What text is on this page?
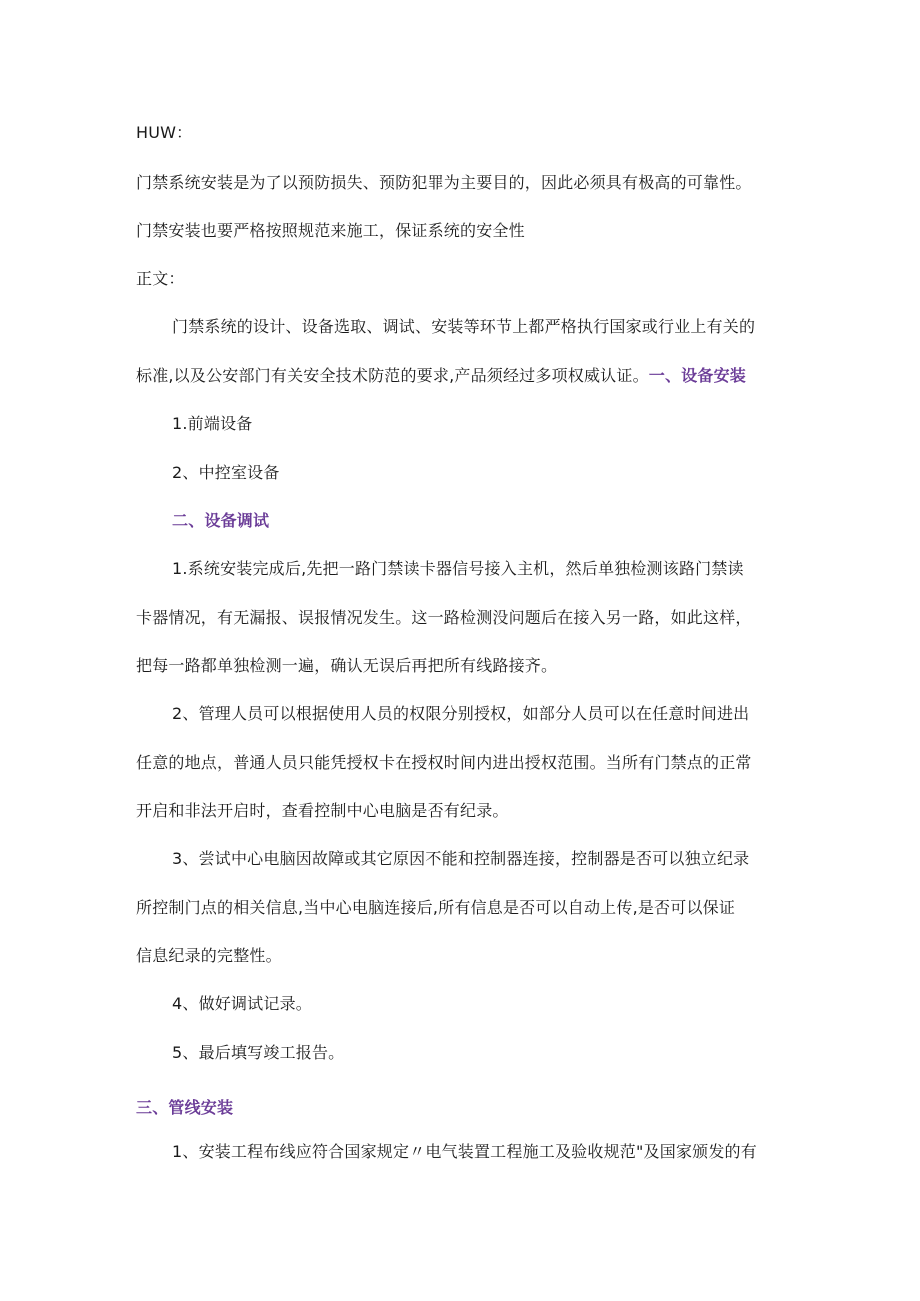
ΗUW：
门禁系统安装是为了以预防损失、预防犯罪为主要目的，因此必须具有极高的可靠性。
门禁安装也要严格按照规范来施工，保证系统的安全性
正文：
门禁系统的设计、设备选取、调试、安装等环节上都严格执行国家或行业上有关的
标准,以及公安部门有关安全技术防范的要求,产品须经过多项权威认证。一、设备安装
1.前端设备
2、中控室设备
二、设备调试
1.系统安装完成后,先把一路门禁读卡器信号接入主机，然后单独检测该路门禁读
卡器情况，有无漏报、误报情况发生。这一路检测没问题后在接入另一路，如此这样，
把每一路都单独检测一遍，确认无误后再把所有线路接齐。
2、管理人员可以根据使用人员的权限分别授权，如部分人员可以在任意时间进出
任意的地点，普通人员只能凭授权卡在授权时间内进出授权范围。当所有门禁点的正常
开启和非法开启时，查看控制中心电脑是否有纪录。
3、尝试中心电脑因故障或其它原因不能和控制器连接，控制器是否可以独立纪录
所控制门点的相关信息,当中心电脑连接后,所有信息是否可以自动上传,是否可以保证
信息纪录的完整性。
4、做好调试记录。
5、最后填写竣工报告。
三、管线安装
1、安装工程布线应符合国家规定〃电气装置工程施工及验收规范"及国家颁发的有
